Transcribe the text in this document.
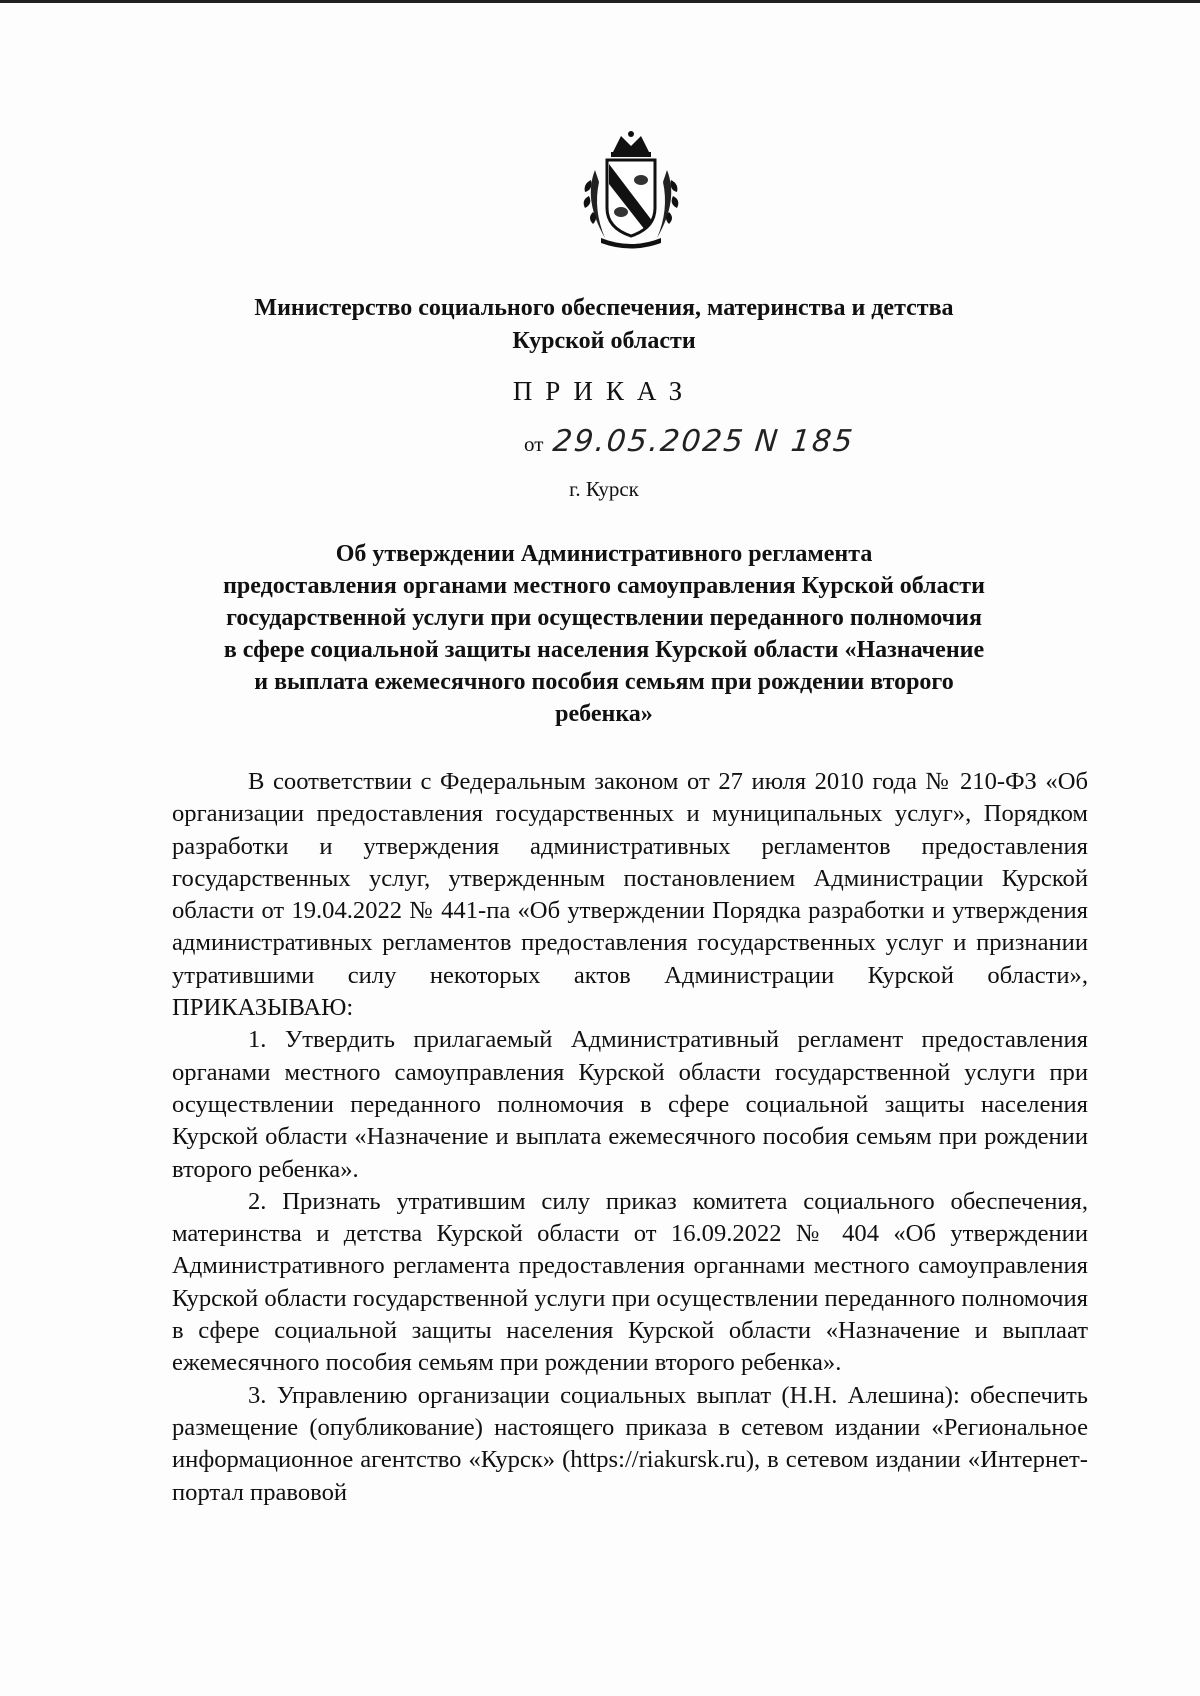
Министерство социального обеспечения, материнства и детства
Курской области
ПРИКАЗ
от 29.05.2025 N 185
г. Курск
Об утверждении Административного регламента
предоставления органами местного самоуправления Курской области
государственной услуги при осуществлении переданного полномочия
в сфере социальной защиты населения Курской области «Назначение
и выплата ежемесячного пособия семьям при рождении второго
ребенка»

В соответствии с Федеральным законом от 27 июля 2010 года № 210-ФЗ «Об организации предоставления государственных и муниципальных услуг», Порядком разработки и утверждения административных регламентов предоставления государственных услуг, утвержденным постановлением Администрации Курской области от 19.04.2022 № 441-па «Об утверждении Порядка разработки и утверждения административных регламентов предоставления государственных услуг и признании утратившими силу некоторых актов Администрации Курской области», ПРИКАЗЫВАЮ:

1. Утвердить прилагаемый Административный регламент предоставления органами местного самоуправления Курской области государственной услуги при осуществлении переданного полномочия в сфере социальной защиты населения Курской области «Назначение и выплата ежемесячного пособия семьям при рождении второго ребенка».

2. Признать утратившим силу приказ комитета социального обеспечения, материнства и детства Курской области от 16.09.2022 № 404 «Об утверждении Административного регламента предоставления органнами местного самоуправления Курской области государственной услуги при осуществлении переданного полномочия в сфере социальной защиты населения Курской области «Назначение и выплаат ежемесячного пособия семьям при рождении второго ребенка».

3. Управлению организации социальных выплат (Н.Н. Алешина): обеспечить размещение (опубликование) настоящего приказа в сетевом издании «Региональное информационное агентство «Курск» (https://riakursk.ru), в сетевом издании «Интернет-портал правовой
